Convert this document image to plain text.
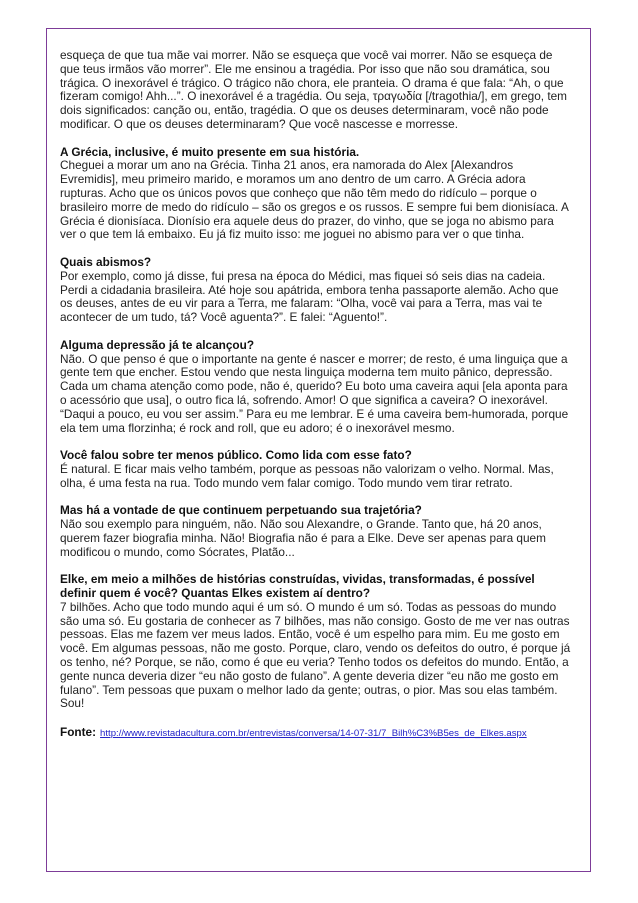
esqueça de que tua mãe vai morrer. Não se esqueça que você vai morrer. Não se esqueça de
que teus irmãos vão morrer”. Ele me ensinou a tragédia. Por isso que não sou dramática, sou
trágica. O inexorável é trágico. O trágico não chora, ele pranteia. O drama é que fala: “Ah, o que
fizeram comigo! Ahh...”. O inexorável é a tragédia. Ou seja, τραγωδία [/tragothia/], em grego, tem
dois significados: canção ou, então, tragédia. O que os deuses determinaram, você não pode
modificar. O que os deuses determinaram? Que você nascesse e morresse.
A Grécia, inclusive, é muito presente em sua história.
Cheguei a morar um ano na Grécia. Tinha 21 anos, era namorada do Alex [Alexandros
Evremidis], meu primeiro marido, e moramos um ano dentro de um carro. A Grécia adora
rupturas. Acho que os únicos povos que conheço que não têm medo do ridículo – porque o
brasileiro morre de medo do ridículo – são os gregos e os russos. E sempre fui bem dionisíaca. A
Grécia é dionisíaca. Dionísio era aquele deus do prazer, do vinho, que se joga no abismo para
ver o que tem lá embaixo. Eu já fiz muito isso: me joguei no abismo para ver o que tinha.
Quais abismos?
Por exemplo, como já disse, fui presa na época do Médici, mas fiquei só seis dias na cadeia.
Perdi a cidadania brasileira. Até hoje sou apátrida, embora tenha passaporte alemão. Acho que
os deuses, antes de eu vir para a Terra, me falaram: “Olha, você vai para a Terra, mas vai te
acontecer de um tudo, tá? Você aguenta?”. E falei: “Aguento!”.
Alguma depressão já te alcançou?
Não. O que penso é que o importante na gente é nascer e morrer; de resto, é uma linguiça que a
gente tem que encher. Estou vendo que nesta linguiça moderna tem muito pânico, depressão.
Cada um chama atenção como pode, não é, querido? Eu boto uma caveira aqui [ela aponta para
o acessório que usa], o outro fica lá, sofrendo. Amor! O que significa a caveira? O inexorável.
“Daqui a pouco, eu vou ser assim.” Para eu me lembrar. E é uma caveira bem-humorada, porque
ela tem uma florzinha; é rock and roll, que eu adoro; é o inexorável mesmo.
Você falou sobre ter menos público. Como lida com esse fato?
É natural. E ficar mais velho também, porque as pessoas não valorizam o velho. Normal. Mas,
olha, é uma festa na rua. Todo mundo vem falar comigo. Todo mundo vem tirar retrato.
Mas há a vontade de que continuem perpetuando sua trajetória?
Não sou exemplo para ninguém, não. Não sou Alexandre, o Grande. Tanto que, há 20 anos,
querem fazer biografia minha. Não! Biografia não é para a Elke. Deve ser apenas para quem
modificou o mundo, como Sócrates, Platão...
Elke, em meio a milhões de histórias construídas, vividas, transformadas, é possível
definir quem é você? Quantas Elkes existem aí dentro?
7 bilhões. Acho que todo mundo aqui é um só. O mundo é um só. Todas as pessoas do mundo
são uma só. Eu gostaria de conhecer as 7 bilhões, mas não consigo. Gosto de me ver nas outras
pessoas. Elas me fazem ver meus lados. Então, você é um espelho para mim. Eu me gosto em
você. Em algumas pessoas, não me gosto. Porque, claro, vendo os defeitos do outro, é porque já
os tenho, né? Porque, se não, como é que eu veria? Tenho todos os defeitos do mundo. Então, a
gente nunca deveria dizer “eu não gosto de fulano”. A gente deveria dizer “eu não me gosto em
fulano”. Tem pessoas que puxam o melhor lado da gente; outras, o pior. Mas sou elas também.
Sou!
Fonte: http://www.revistadacultura.com.br/entrevistas/conversa/14-07-31/7_Bilh%C3%B5es_de_Elkes.aspx
